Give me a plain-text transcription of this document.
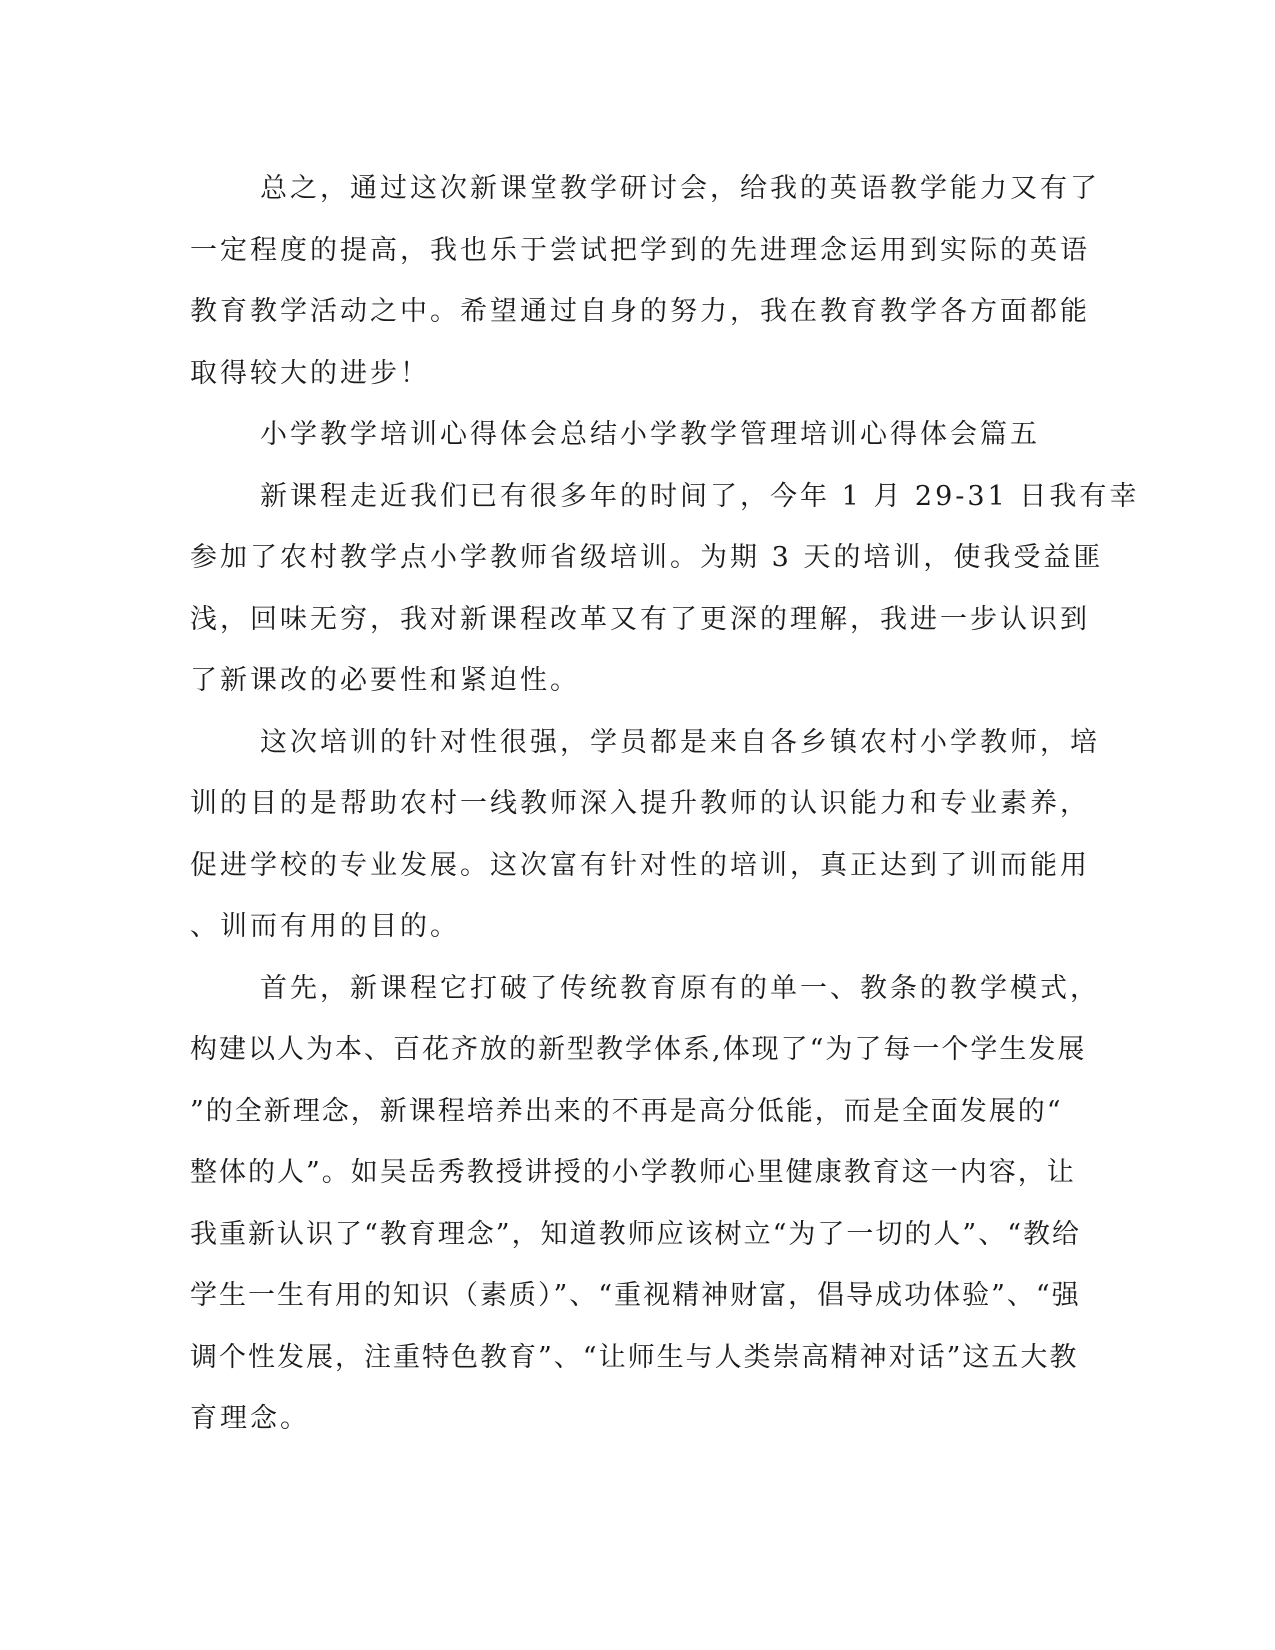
总之，通过这次新课堂教学研讨会，给我的英语教学能力又有了
一定程度的提高，我也乐于尝试把学到的先进理念运用到实际的英语
教育教学活动之中。希望通过自身的努力，我在教育教学各方面都能
取得较大的进步！
小学教学培训心得体会总结小学教学管理培训心得体会篇五
新课程走近我们已有很多年的时间了，今年 1 月 29-31 日我有幸
参加了农村教学点小学教师省级培训。为期 3 天的培训，使我受益匪
浅，回味无穷，我对新课程改革又有了更深的理解，我进一步认识到
了新课改的必要性和紧迫性。
这次培训的针对性很强，学员都是来自各乡镇农村小学教师，培
训的目的是帮助农村一线教师深入提升教师的认识能力和专业素养，
促进学校的专业发展。这次富有针对性的培训，真正达到了训而能用
、训而有用的目的。
首先，新课程它打破了传统教育原有的单一、教条的教学模式，
构建以人为本、百花齐放的新型教学体系,体现了“为了每一个学生发展
”的全新理念，新课程培养出来的不再是高分低能，而是全面发展的“
整体的人”。如吴岳秀教授讲授的小学教师心里健康教育这一内容，让
我重新认识了“教育理念”，知道教师应该树立“为了一切的人”、“教给
学生一生有用的知识（素质）”、“重视精神财富，倡导成功体验”、“强
调个性发展，注重特色教育”、“让师生与人类崇高精神对话”这五大教
育理念。
